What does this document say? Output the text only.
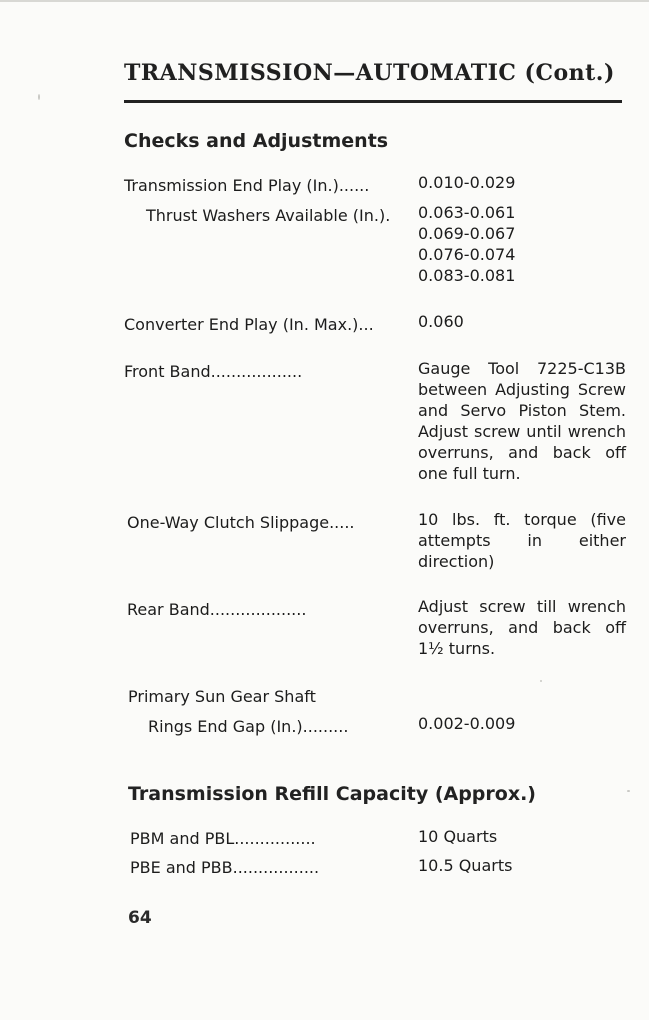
TRANSMISSION—AUTOMATIC (Cont.)
Checks and Adjustments
Transmission End Play (In.)......	0.010-0.029
Thrust Washers Available (In.). 0.063-0.061
0.069-0.067
0.076-0.074
0.083-0.081
Converter End Play (In. Max.)...	0.060
Front Band..................	Gauge Tool 7225-C13B between Adjusting Screw and Servo Piston Stem. Adjust screw until wrench overruns, and back off one full turn.
One-Way Clutch Slippage.....	10 lbs. ft. torque (five attempts in either direction)
Rear Band...................	Adjust screw till wrench overruns, and back off 1½ turns.
Primary Sun Gear Shaft
Rings End Gap (In.).........	0.002-0.009
Transmission Refill Capacity (Approx.)
PBM and PBL................	10 Quarts
PBE and PBB.................	10.5 Quarts
64
